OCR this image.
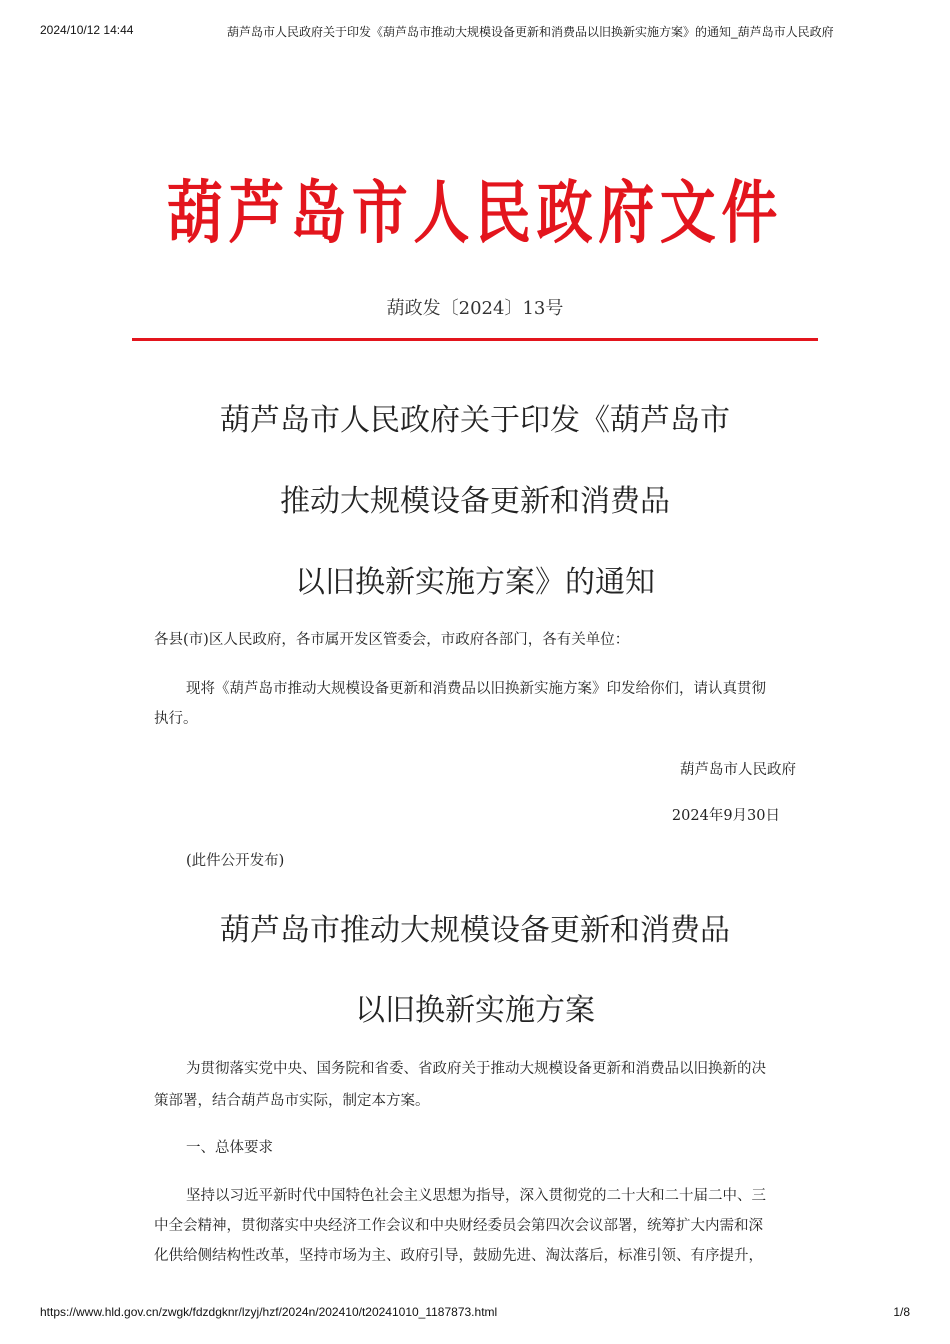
2024/10/12 14:44	葫芦岛市人民政府关于印发《葫芦岛市推动大规模设备更新和消费品以旧换新实施方案》的通知_葫芦岛市人民政府
葫芦岛市人民政府文件
葫政发〔2024〕13号
葫芦岛市人民政府关于印发《葫芦岛市
推动大规模设备更新和消费品
以旧换新实施方案》的通知
各县(市)区人民政府，各市属开发区管委会，市政府各部门，各有关单位：
现将《葫芦岛市推动大规模设备更新和消费品以旧换新实施方案》印发给你们，请认真贯彻
执行。
葫芦岛市人民政府
2024年9月30日
(此件公开发布)
葫芦岛市推动大规模设备更新和消费品
以旧换新实施方案
为贯彻落实党中央、国务院和省委、省政府关于推动大规模设备更新和消费品以旧换新的决
策部署，结合葫芦岛市实际，制定本方案。
一、总体要求
坚持以习近平新时代中国特色社会主义思想为指导，深入贯彻党的二十大和二十届二中、三
中全会精神，贯彻落实中央经济工作会议和中央财经委员会第四次会议部署，统筹扩大内需和深
化供给侧结构性改革，坚持市场为主、政府引导，鼓励先进、淘汰落后，标准引领、有序提升，
https://www.hld.gov.cn/zwgk/fdzdgknr/lzyj/hzf/2024n/202410/t20241010_1187873.html	1/8
